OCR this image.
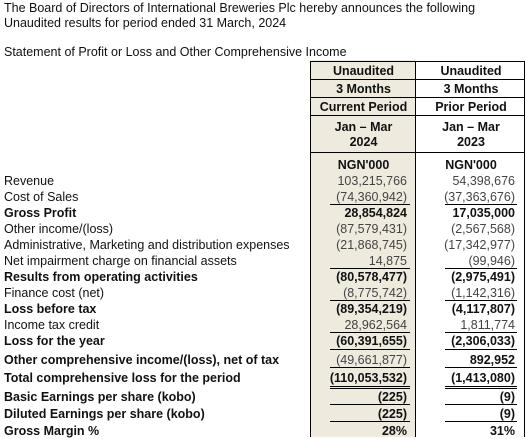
The Board of Directors of International Breweries Plc hereby announces the following
Unaudited results for period ended 31 March, 2024
Statement of Profit or Loss and Other Comprehensive Income
Unaudited	Unaudited
3 Months	3 Months
Current Period	Prior Period
Jan – Mar	Jan – Mar
2024	2023
NGN'000	NGN'000
Revenue	103,215,766	54,398,676
Cost of Sales	(74,360,942)	(37,363,676)
Gross Profit	28,854,824	17,035,000
Other income/(loss)	(87,579,431)	(2,567,568)
Administrative, Marketing and distribution expenses	(21,868,745)	(17,342,977)
Net impairment charge on financial assets	14,875	(99,946)
Results from operating activities	(80,578,477)	(2,975,491)
Finance cost (net)	(8,775,742)	(1,142,316)
Loss before tax	(89,354,219)	(4,117,807)
Income tax credit	28,962,564	1,811,774
Loss for the year	(60,391,655)	(2,306,033)
Other comprehensive income/(loss), net of tax	(49,661,877)	892,952
Total comprehensive loss for the period	(110,053,532)	(1,413,080)
Basic Earnings per share (kobo)	(225)	(9)
Diluted Earnings per share (kobo)	(225)	(9)
Gross Margin %	28%	31%
